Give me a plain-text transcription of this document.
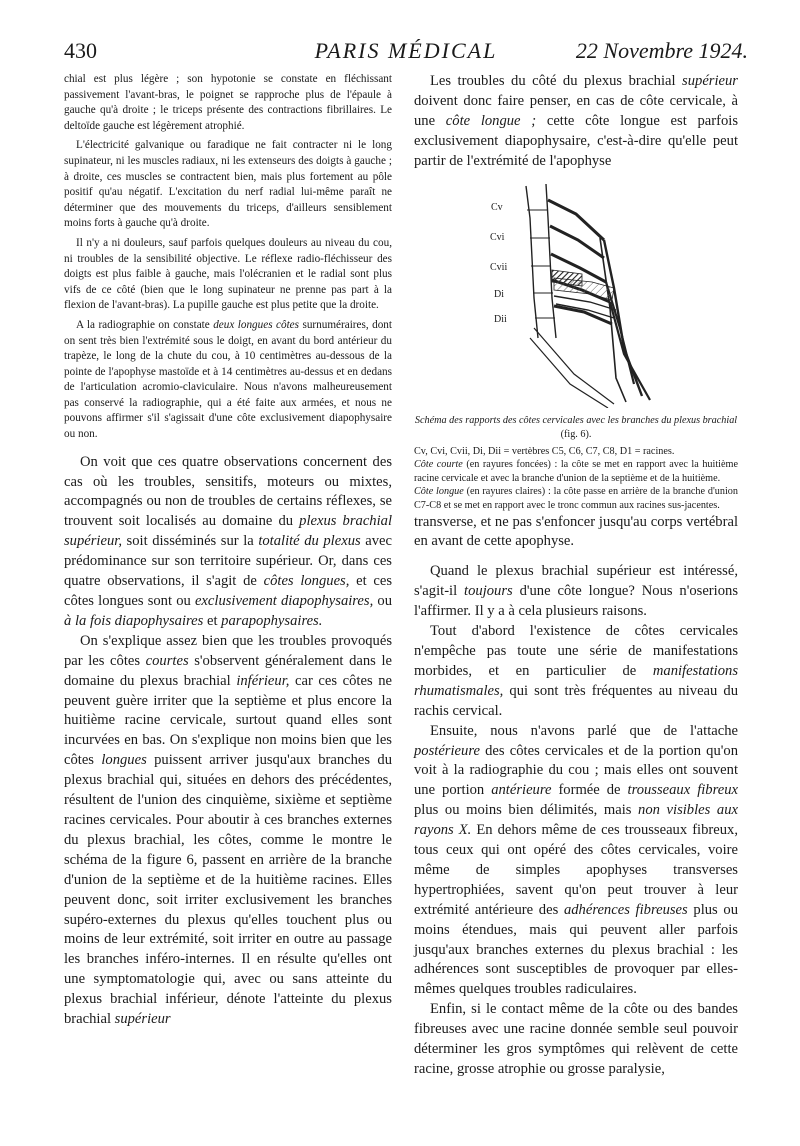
430	PARIS MÉDICAL	22 Novembre 1924.

chial est plus légère ; son hypotonie se constate en fléchissant passivement l'avant-bras, le poignet se rapproche plus de l'épaule à gauche qu'à droite ; le triceps présente des contractions fibrillaires. Le deltoïde gauche est légèrement atrophié.

L'électricité galvanique ou faradique ne fait contracter ni le long supinateur, ni les muscles radiaux, ni les extenseurs des doigts à gauche ; à droite, ces muscles se contractent bien, mais plus fortement au pôle positif qu'au négatif. L'excitation du nerf radial lui-même paraît ne déterminer que des mouvements du triceps, d'ailleurs sensiblement moins forts à gauche qu'à droite.

Il n'y a ni douleurs, sauf parfois quelques douleurs au niveau du cou, ni troubles de la sensibilité objective. Le réflexe radio-fléchisseur des doigts est plus faible à gauche, mais l'olécranien et le radial sont plus vifs de ce côté (bien que le long supinateur ne prenne pas part à la flexion de l'avant-bras). La pupille gauche est plus petite que la droite.

A la radiographie on constate deux longues côtes surnuméraires, dont on sent très bien l'extrémité sous le doigt, en avant du bord antérieur du trapèze, le long de la chute du cou, à 10 centimètres au-dessous de la pointe de l'apophyse mastoïde et à 14 centimètres au-dessus et en dedans de l'articulation acromio-claviculaire. Nous n'avons malheureusement pas conservé la radiographie, qui a été faite aux armées, et nous ne pouvons affirmer s'il s'agissait d'une côte exclusivement diapophysaire ou non.

On voit que ces quatre observations concernent des cas où les troubles, sensitifs, moteurs ou mixtes, accompagnés ou non de troubles de certains réflexes, se trouvent soit localisés au domaine du plexus brachial supérieur, soit disséminés sur la totalité du plexus avec prédominance sur son territoire supérieur. Or, dans ces quatre observations, il s'agit de côtes longues, et ces côtes longues sont ou exclusivement diapophysaires, ou à la fois diapophysaires et parapophysaires.

On s'explique assez bien que les troubles provoqués par les côtes courtes s'observent généralement dans le domaine du plexus brachial inférieur, car ces côtes ne peuvent guère irriter que la septième et plus encore la huitième racine cervicale, surtout quand elles sont incurvées en bas. On s'explique non moins bien que les côtes longues puissent arriver jusqu'aux branches du plexus brachial qui, situées en dehors des précédentes, résultent de l'union des cinquième, sixième et septième racines cervicales. Pour aboutir à ces branches externes du plexus brachial, les côtes, comme le montre le schéma de la figure 6, passent en arrière de la branche d'union de la septième et de la huitième racines. Elles peuvent donc, soit irriter exclusivement les branches supéro-externes du plexus qu'elles touchent plus ou moins de leur extrémité, soit irriter en outre au passage les branches inféro-internes. Il en résulte qu'elles ont une symptomatologie qui, avec ou sans atteinte du plexus brachial inférieur, dénote l'atteinte du plexus brachial supérieur

Les troubles du côté du plexus brachial supérieur doivent donc faire penser, en cas de côte cervicale, à une côte longue ; cette côte longue est parfois exclusivement diapophysaire, c'est-à-dire qu'elle peut partir de l'extrémité de l'apophyse

Cv
Cvi
Cvii
Di
Dii

Schéma des rapports des côtes cervicales avec les branches du plexus brachial (fig. 6).

Cv, Cvi, Cvii, Di, Dii = vertèbres C5, C6, C7, C8, D1 = racines.

Côte courte (en rayures foncées) : la côte se met en rapport avec la huitième racine cervicale et avec la branche d'union de la septième et de la huitième.

Côte longue (en rayures claires) : la côte passe en arrière de la branche d'union C7-C8 et se met en rapport avec le tronc commun aux racines sus-jacentes.

transverse, et ne pas s'enfoncer jusqu'au corps vertébral en avant de cette apophyse.

Quand le plexus brachial supérieur est intéressé, s'agit-il toujours d'une côte longue? Nous n'oserions l'affirmer. Il y a à cela plusieurs raisons.

Tout d'abord l'existence de côtes cervicales n'empêche pas toute une série de manifestations morbides, et en particulier de manifestations rhumatismales, qui sont très fréquentes au niveau du rachis cervical.

Ensuite, nous n'avons parlé que de l'attache postérieure des côtes cervicales et de la portion qu'on voit à la radiographie du cou ; mais elles ont souvent une portion antérieure formée de trousseaux fibreux plus ou moins bien délimités, mais non visibles aux rayons X. En dehors même de ces trousseaux fibreux, tous ceux qui ont opéré des côtes cervicales, voire même de simples apophyses transverses hypertrophiées, savent qu'on peut trouver à leur extrémité antérieure des adhérences fibreuses plus ou moins étendues, mais qui peuvent aller parfois jusqu'aux branches externes du plexus brachial : les adhérences sont susceptibles de provoquer par elles-mêmes quelques troubles radiculaires.

Enfin, si le contact même de la côte ou des bandes fibreuses avec une racine donnée semble seul pouvoir déterminer les gros symptômes qui relèvent de cette racine, grosse atrophie ou grosse paralysie,
